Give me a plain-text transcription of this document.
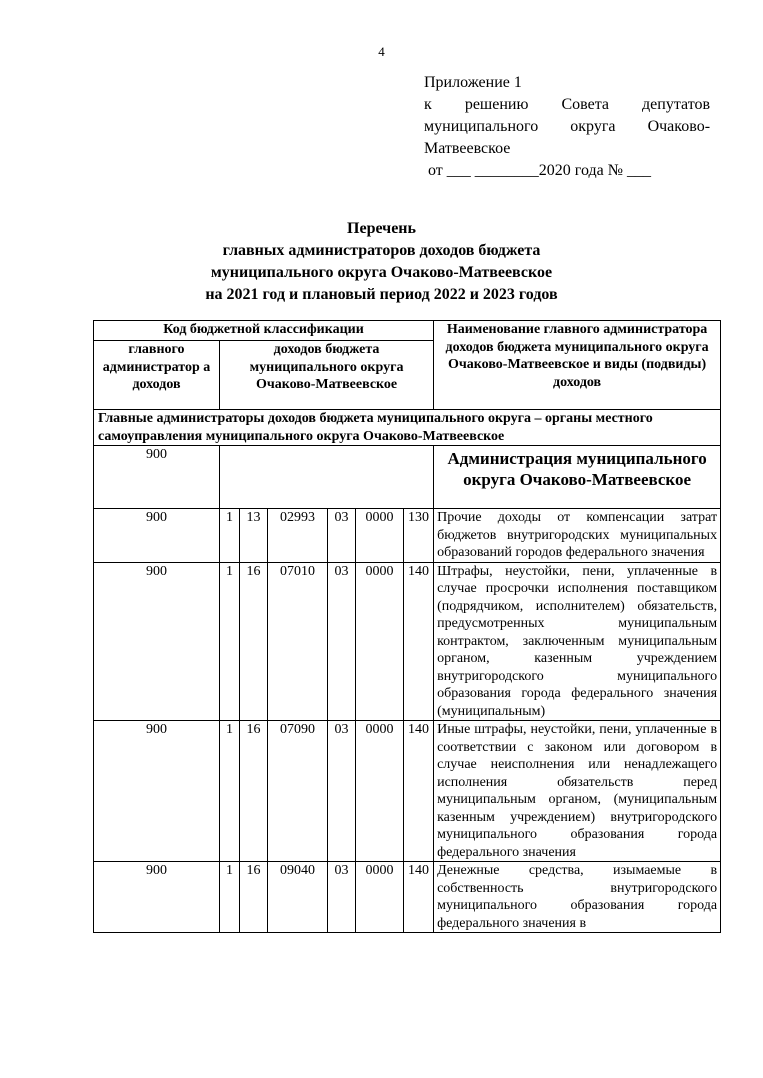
4
Приложение 1
к решению Совета депутатов
муниципального округа Очаково-
Матвеевское
от ___ ________2020 года № ___
Перечень
главных администраторов доходов бюджета
муниципального округа Очаково-Матвеевское
на 2021 год и плановый период 2022 и 2023 годов
Код бюджетной классификации							Наименование главного администратора доходов бюджета муниципального округа Очаково-Матвеевское и виды (подвиды) доходов
главного администратор а доходов	доходов бюджета муниципального округа Очаково-Матвеевское						
Главные администраторы доходов бюджета муниципального округа – органы местного самоуправления муниципального округа Очаково-Матвеевское							
900							Администрация муниципального округа Очаково-Матвеевское
900	1	13	02993	03	0000	130	Прочие доходы от компенсации затрат бюджетов внутригородских муниципальных образований городов федерального значения
900	1	16	07010	03	0000	140	Штрафы, неустойки, пени, уплаченные в случае просрочки исполнения поставщиком (подрядчиком, исполнителем) обязательств, предусмотренных муниципальным контрактом, заключенным муниципальным органом, казенным учреждением внутригородского муниципального образования города федерального значения (муниципальным)
900	1	16	07090	03	0000	140	Иные штрафы, неустойки, пени, уплаченные в соответствии с законом или договором в случае неисполнения или ненадлежащего исполнения обязательств перед муниципальным органом, (муниципальным казенным учреждением) внутригородского муниципального образования города федерального значения
900	1	16	09040	03	0000	140	Денежные средства, изымаемые в собственность внутригородского муниципального образования города федерального значения в
